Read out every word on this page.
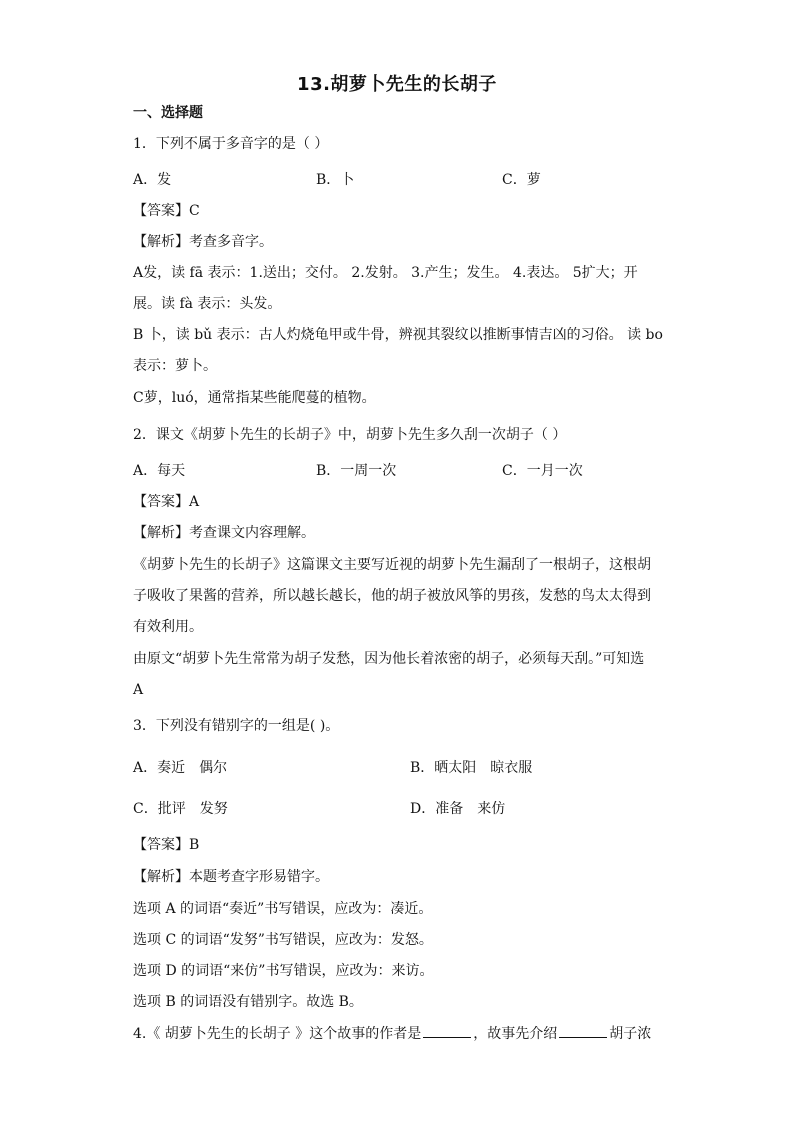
13.胡萝卜先生的长胡子
一、选择题
1．下列不属于多音字的是（ ）
A．发	B．卜	C．萝
【答案】C
【解析】考查多音字。
A发，读 fā 表示：1.送出；交付。 2.发射。 3.产生；发生。 4.表达。 5扩大；开
展。读 fà 表示：头发。
B 卜，读 bǔ 表示：古人灼烧龟甲或牛骨，辨视其裂纹以推断事情吉凶的习俗。 读 bo
表示：萝卜。
C萝，luó，通常指某些能爬蔓的植物。
2．课文《胡萝卜先生的长胡子》中，胡萝卜先生多久刮一次胡子（ ）
A．每天	B．一周一次	C．一月一次
【答案】A
【解析】考查课文内容理解。
《胡萝卜先生的长胡子》这篇课文主要写近视的胡萝卜先生漏刮了一根胡子，这根胡
子吸收了果酱的营养，所以越长越长，他的胡子被放风筝的男孩，发愁的鸟太太得到
有效利用。
由原文“胡萝卜先生常常为胡子发愁，因为他长着浓密的胡子，必须每天刮。”可知选
A
3．下列没有错别字的一组是( )。
A．奏近　偶尔	B．晒太阳　晾衣服
C．批评　发努	D．准备　来仿
【答案】B
【解析】本题考查字形易错字。
选项 A 的词语“奏近”书写错误，应改为：凑近。
选项 C 的词语“发努”书写错误，应改为：发怒。
选项 D 的词语“来仿”书写错误，应改为：来访。
选项 B 的词语没有错别字。故选 B。
4.《 胡萝卜先生的长胡子 》这个故事的作者是	，故事先介绍	胡子浓
